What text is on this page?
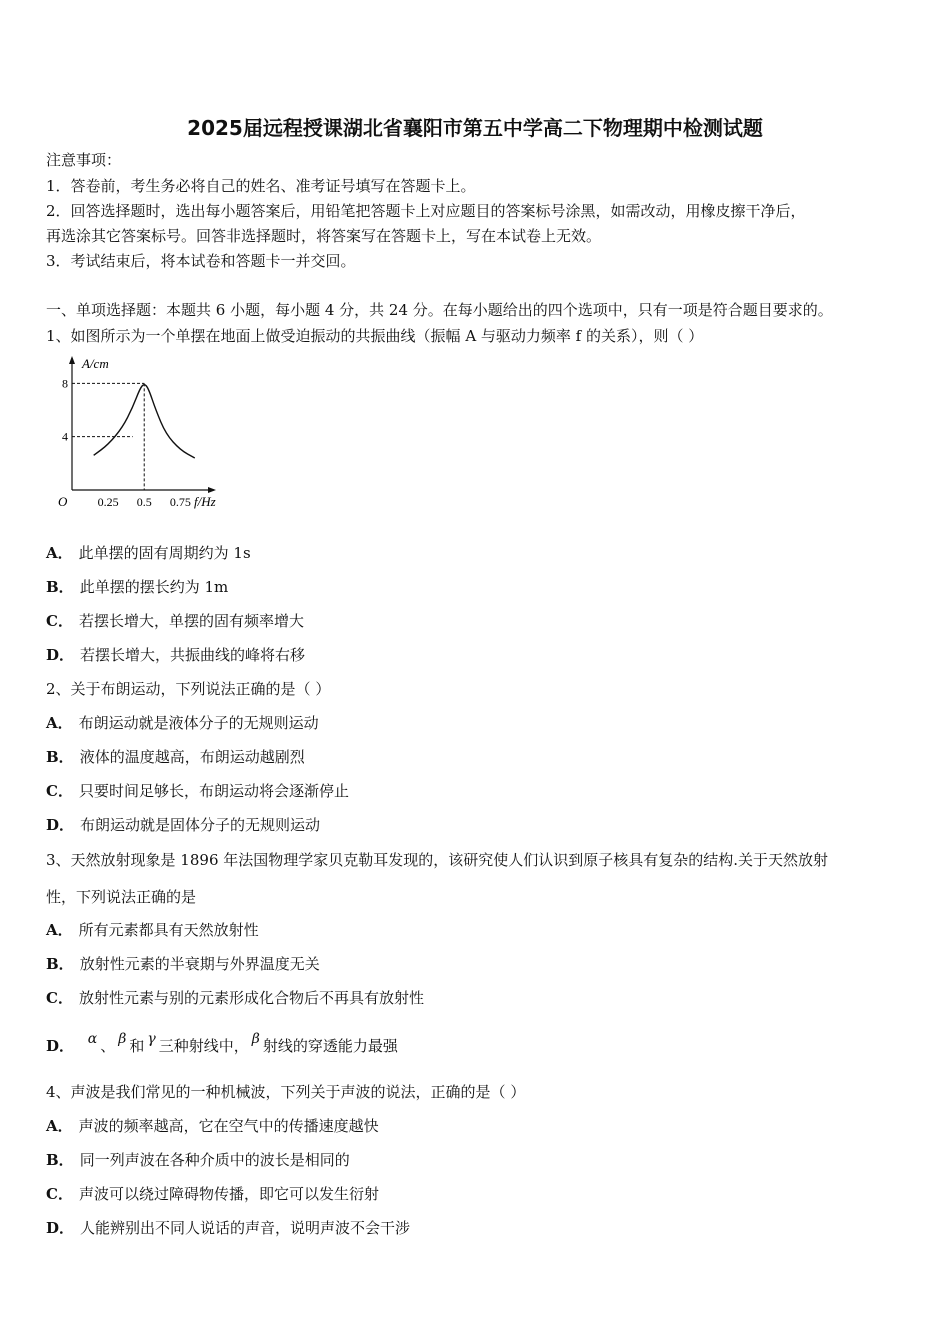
2025届远程授课湖北省襄阳市第五中学高二下物理期中检测试题
注意事项：
1．答卷前，考生务必将自己的姓名、准考证号填写在答题卡上。
2．回答选择题时，选出每小题答案后，用铅笔把答题卡上对应题目的答案标号涂黑，如需改动，用橡皮擦干净后，
再选涂其它答案标号。回答非选择题时，将答案写在答题卡上，写在本试卷上无效。
3．考试结束后，将本试卷和答题卡一并交回。
一、单项选择题：本题共 6 小题，每小题 4 分，共 24 分。在每小题给出的四个选项中，只有一项是符合题目要求的。
1、如图所示为一个单摆在地面上做受迫振动的共振曲线（振幅 A 与驱动力频率 f 的关系），则（ ）
A/cm
f/Hz
O	0.25 0.5 0.75
4
8
A． 此单摆的固有周期约为 1s
B． 此单摆的摆长约为 1m
C． 若摆长增大，单摆的固有频率增大
D． 若摆长增大，共振曲线的峰将右移
2、关于布朗运动，下列说法正确的是（ ）
A． 布朗运动就是液体分子的无规则运动
B． 液体的温度越高，布朗运动越剧烈
C． 只要时间足够长，布朗运动将会逐渐停止
D． 布朗运动就是固体分子的无规则运动
3、天然放射现象是 1896 年法国物理学家贝克勒耳发现的，该研究使人们认识到原子核具有复杂的结构.关于天然放射
性，下列说法正确的是
A． 所有元素都具有天然放射性
B． 放射性元素的半衰期与外界温度无关
C． 放射性元素与别的元素形成化合物后不再具有放射性
D． α 、 β 和 γ 三种射线中， β 射线的穿透能力最强
4、声波是我们常见的一种机械波，下列关于声波的说法，正确的是（ ）
A． 声波的频率越高，它在空气中的传播速度越快
B． 同一列声波在各种介质中的波长是相同的
C． 声波可以绕过障碍物传播，即它可以发生衍射
D． 人能辨别出不同人说话的声音，说明声波不会干涉
